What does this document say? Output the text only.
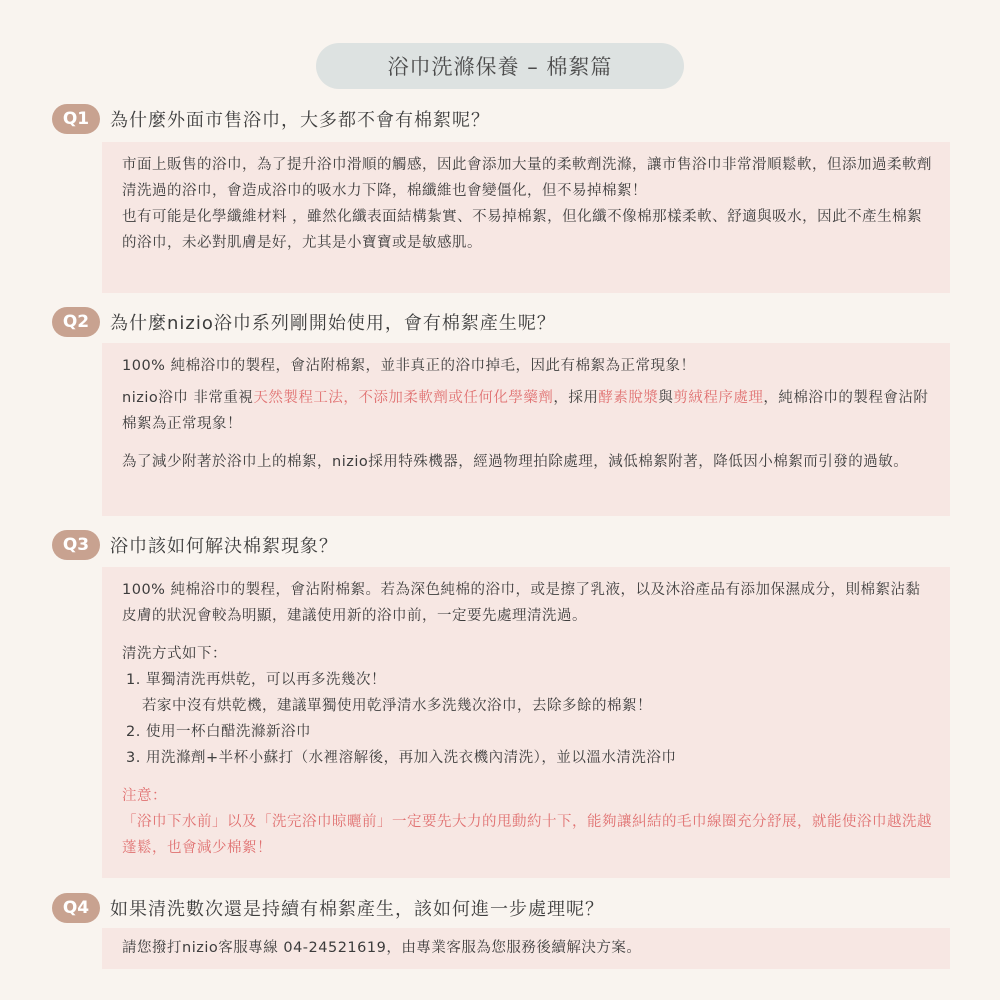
浴巾洗滌保養 – 棉絮篇
Q1	為什麼外面市售浴巾，大多都不會有棉絮呢？

市面上販售的浴巾，為了提升浴巾滑順的觸感，因此會添加大量的柔軟劑洗滌，讓市售浴巾非常滑順鬆軟，但添加過柔軟劑清洗過的浴巾，會造成浴巾的吸水力下降，棉纖維也會變僵化，但不易掉棉絮！

也有可能是化學纖維材料 ，雖然化纖表面結構紮實、不易掉棉絮，但化纖不像棉那樣柔軟、舒適與吸水，因此不產生棉絮的浴巾，未必對肌膚是好，尤其是小寶寶或是敏感肌。

Q2	為什麼nizio浴巾系列剛開始使用，會有棉絮產生呢？

100% 純棉浴巾的製程，會沾附棉絮，並非真正的浴巾掉毛，因此有棉絮為正常現象！

nizio浴巾 非常重視天然製程工法，不添加柔軟劑或任何化學藥劑，採用酵素脫漿與剪絨程序處理，純棉浴巾的製程會沾附棉絮為正常現象！

為了減少附著於浴巾上的棉絮，nizio採用特殊機器，經過物理拍除處理，減低棉絮附著，降低因小棉絮而引發的過敏。

Q3	浴巾該如何解決棉絮現象？

100% 純棉浴巾的製程，會沾附棉絮。若為深色純棉的浴巾，或是擦了乳液，以及沐浴產品有添加保濕成分，則棉絮沾黏皮膚的狀況會較為明顯，建議使用新的浴巾前，一定要先處理清洗過。

清洗方式如下：

1. 單獨清洗再烘乾，可以再多洗幾次！

若家中沒有烘乾機，建議單獨使用乾淨清水多洗幾次浴巾，去除多餘的棉絮！

2. 使用一杯白醋洗滌新浴巾

3. 用洗滌劑+半杯小蘇打（水裡溶解後，再加入洗衣機內清洗），並以溫水清洗浴巾

注意：

「浴巾下水前」以及「洗完浴巾晾曬前」一定要先大力的甩動約十下，能夠讓糾結的毛巾線圈充分舒展，就能使浴巾越洗越蓬鬆，也會減少棉絮！

Q4	如果清洗數次還是持續有棉絮產生，該如何進一步處理呢？

請您撥打nizio客服專線 04-24521619，由專業客服為您服務後續解決方案。
